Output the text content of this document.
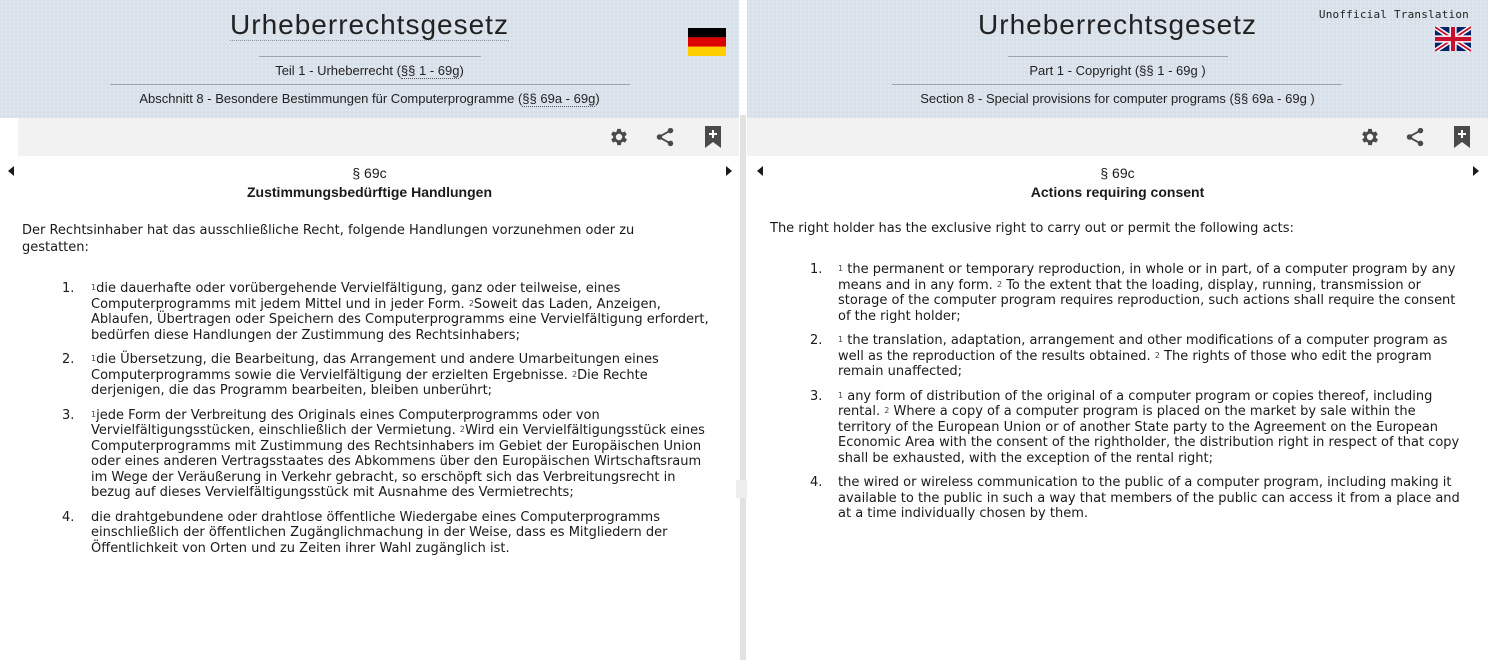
Urheberrechtsgesetz
Teil 1 - Urheberrecht (§§ 1 - 69g)
Abschnitt 8 - Besondere Bestimmungen für Computerprogramme (§§ 69a - 69g)
§ 69c
Zustimmungsbedürftige Handlungen
Der Rechtsinhaber hat das ausschließliche Recht, folgende Handlungen vorzunehmen oder zu gestatten:
1. $^1$die dauerhafte oder vorübergehende Vervielfältigung, ganz oder teilweise, eines Computerprogramms mit jedem Mittel und in jeder Form. $^2$Soweit das Laden, Anzeigen, Ablaufen, Übertragen oder Speichern des Computerprogramms eine Vervielfältigung erfordert, bedürfen diese Handlungen der Zustimmung des Rechtsinhabers;
2. $^1$die Übersetzung, die Bearbeitung, das Arrangement und andere Umarbeitungen eines Computerprogramms sowie die Vervielfältigung der erzielten Ergebnisse. $^2$Die Rechte derjenigen, die das Programm bearbeiten, bleiben unberührt;
3. $^1$jede Form der Verbreitung des Originals eines Computerprogramms oder von Vervielfältigungsstücken, einschließlich der Vermietung. $^2$Wird ein Vervielfältigungsstück eines Computerprogramms mit Zustimmung des Rechtsinhabers im Gebiet der Europäischen Union oder eines anderen Vertragsstaates des Abkommens über den Europäischen Wirtschaftsraum im Wege der Veräußerung in Verkehr gebracht, so erschöpft sich das Verbreitungsrecht in bezug auf dieses Vervielfältigungsstück mit Ausnahme des Vermietrechts;
4. die drahtgebundene oder drahtlose öffentliche Wiedergabe eines Computerprogramms einschließlich der öffentlichen Zugänglichmachung in der Weise, dass es Mitgliedern der Öffentlichkeit von Orten und zu Zeiten ihrer Wahl zugänglich ist.
Urheberrechtsgesetz	Unofficial Translation
Part 1 - Copyright (§§ 1 - 69g )
Section 8 - Special provisions for computer programs (§§ 69a - 69g )
§ 69c
Actions requiring consent
The right holder has the exclusive right to carry out or permit the following acts:
1. $^1$ the permanent or temporary reproduction, in whole or in part, of a computer program by any means and in any form. $^2$ To the extent that the loading, display, running, transmission or storage of the computer program requires reproduction, such actions shall require the consent of the right holder;
2. $^1$ the translation, adaptation, arrangement and other modifications of a computer program as well as the reproduction of the results obtained. $^2$ The rights of those who edit the program remain unaffected;
3. $^1$ any form of distribution of the original of a computer program or copies thereof, including rental. $^2$ Where a copy of a computer program is placed on the market by sale within the territory of the European Union or of another State party to the Agreement on the European Economic Area with the consent of the rightholder, the distribution right in respect of that copy shall be exhausted, with the exception of the rental right;
4. the wired or wireless communication to the public of a computer program, including making it available to the public in such a way that members of the public can access it from a place and at a time individually chosen by them.
